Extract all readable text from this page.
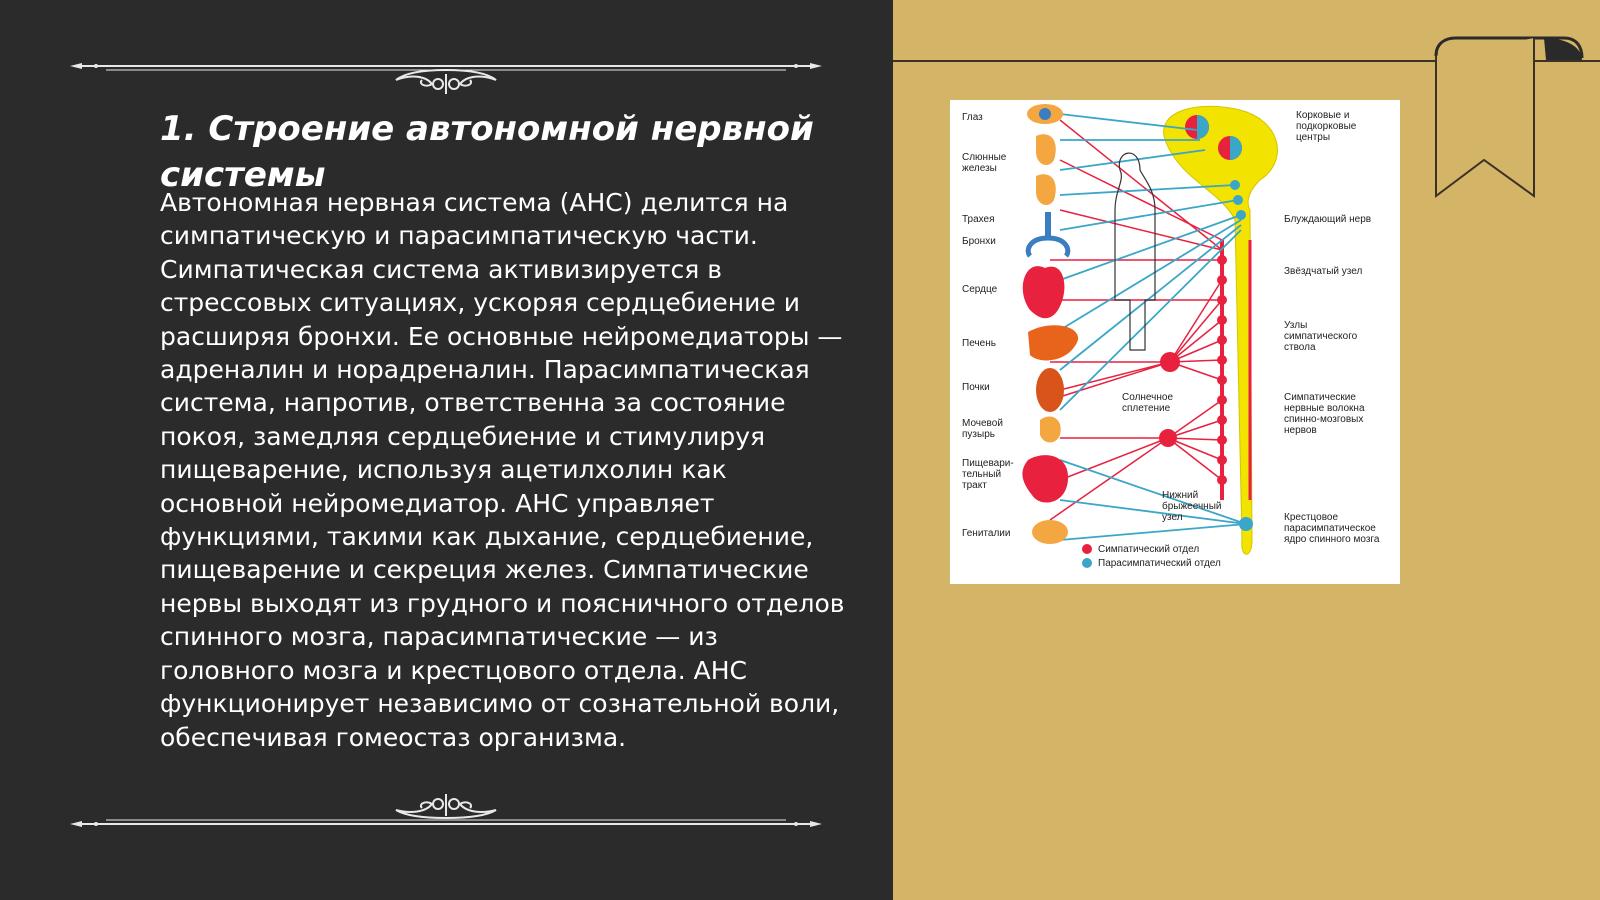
1. Строение автономной нервной системы
Автономная нервная система (АНС) делится на симпатическую и парасимпатическую части. Симпатическая система активизируется в стрессовых ситуациях, ускоряя сердцебиение и расширяя бронхи. Ее основные нейромедиаторы — адреналин и норадреналин. Парасимпатическая система, напротив, ответственна за состояние покоя, замедляя сердцебиение и стимулируя пищеварение, используя ацетилхолин как основной нейромедиатор. АНС управляет функциями, такими как дыхание, сердцебиение, пищеварение и секреция желез. Симпатические нервы выходят из грудного и поясничного отделов спинного мозга, парасимпатические — из головного мозга и крестцового отдела. АНС функционирует независимо от сознательной воли, обеспечивая гомеостаз организма.
Глаз
Слюнные железы
Трахея
Бронхи
Сердце
Печень
Почки
Мочевой пузырь
Пищевари-тельный тракт
Гениталии
Корковые и подкорковые центры
Блуждающий нерв
Звёздчатый узел
Узлы симпатического ствола
Симпатические нервные волокна спинно-мозговых нервов
Солнечное сплетение
Нижний брыжеечный узел	Крестцовое парасимпатическое ядро спинного мозга
Симпатический отдел
Парасимпатический отдел
